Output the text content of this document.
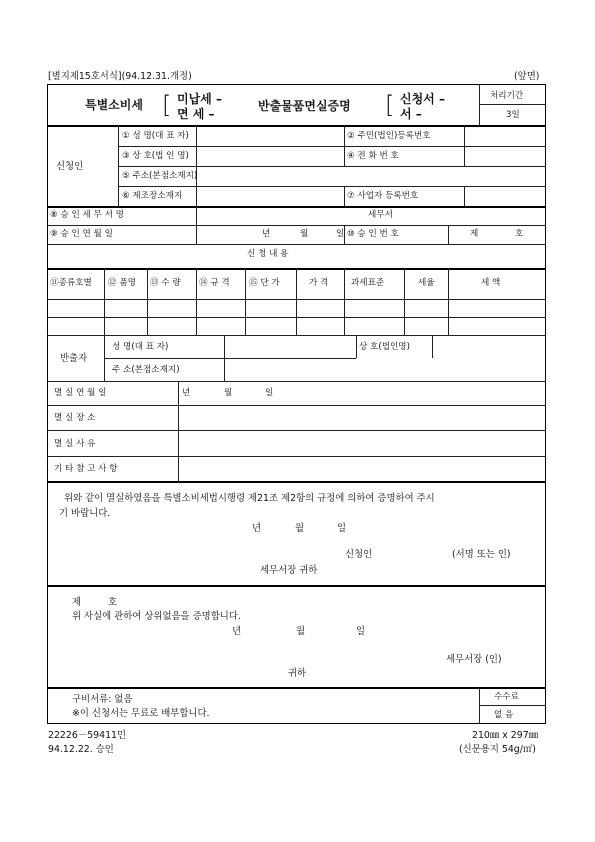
[별지제15호서식](94.12.31.개정)	(앞면)
특별소비세 [ 미납세 –
면 세 –
반출물품면실증명 [ 신청서 –
서 –
처리기간
3일
신청인
① 성 명(대 표 자)	② 주민(법인)등록번호
③ 상 호(법 인 명)	④ 전 화 번 호
⑤ 주소(본점소재지)
⑥ 제조장소재지	⑦ 사업자 등록번호
⑧ 승 인 세 무 서 명	세무서
⑨ 승 인 연 월 일	년	월	일 ⑩ 승 인 번 호	제	호
신 청 내 용
⑪종류호별 ⑫ 품명 ⑬ 수 량 ⑭ 규 격 ⑮ 단 가	가 격	과세표준	세율	세 액
반출자
성 명(대 표 자)	상 호(법인명)
주 소(본점소재지)
멸 실 연 월 일	년	월	일
멸 실 장 소
멸 실 사 유
기 타 참 고 사 항
위와 같이 멸실하였음을 특별소비세법시행령 제21조 제2항의 규정에 의하여 증명하여 주시
기 바랍니다.
년	월	일
신청인	(서명 또는 인)
세무서장 귀하
제	호
위 사실에 관하여 상위없음을 증명합니다.
년	월	일
세무서장 (인)
귀하
구비서류: 없음
※이 신청서는 무료로 배부합니다.
수수료
없 음
22226－59411민
94.12.22. 승인
210㎜ x 297㎜
(신문용지 54g/㎡)
